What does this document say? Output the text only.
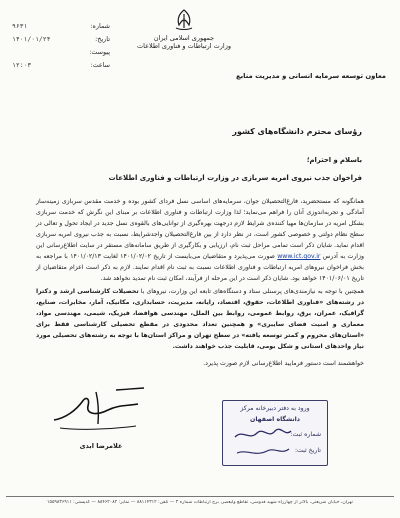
جمهوری اسلامی ایران
وزارت ارتباطات و فناوری اطلاعات
معاون توسعه سرمایه انسانی و مدیریت منابع
شماره:
۹۶۳۱
تاریخ:
۱۴۰۱/۰۱/۲۴
پیوست:
ساعت:
۱۲:۰۳
رؤسای محترم دانشگاه‌های کشور
باسلام و احترام؛
فراخوان جذب نیروی امریه سربازی در وزارت ارتباطات و فناوری اطلاعات

همانگونه که مستحضرید، فارغ‌التحصیلان جوان، سرمایه‌های اساسی نسل فردای کشور بوده و خدمت مقدس سربازی زمینه‌ساز آمادگی و تجربه‌اندوزی آنان را فراهم می‌نماید؛ لذا وزارت ارتباطات و فناوری اطلاعات بر مبنای این نگرش که خدمت سربازی بشکل امریه در سازمان‌ها مهیا کننده‌ی شرایط لازم درجهت بهره‌گیری از توانایی‌های بالقوه‌ی نسل جدید در ایجاد تحول و تعالی در سطح نظام دولتی و خصوصی کشور است، در نظر دارد از بین فارغ‌التحصیلان واجدشرایط، نسبت به جذب نیروی امریه سربازی اقدام نماید. شایان ذکر است تمامی مراحل ثبت نام، ارزیابی و بکارگیری از طریق سامانه‌های مستقر در سایت اطلاع‌رسانی این وزارت به آدرس www.ict.gov.ir صورت می‌پذیرد و متقاضیان می‌بایست از تاریخ ۱۴۰۱/۰۲/۰۲ لغایت ۱۴۰۱/۰۲/۱۳ با مراجعه به بخش فراخوان نیروهای امریه ارتباطات و فناوری اطلاعات نسبت به ثبت نام اقدام نمایند. لازم به ذکر است اعزام متقاضیان از تاریخ ۱۴۰۱/۰۶/۰۱ خواهد بود. شایان ذکر است در این مرحله از فرآیند، امکان ثبت نام تمدید نخواهد شد.

همچنین با توجه به نیازمندی‌های پرسنلی ستاد و دستگاه‌های تابعه این وزارت، نیروهای با تحصیلات کارشناسی ارشد و دکترا در رشته‌های «فناوری اطلاعات، حقوق، اقتصاد، رایانه، مدیریت، حسابداری، مکانیک، آمار، مخابرات، صنایع، گرافیک، عمران، برق، روابط عمومی، روابط بین الملل، مهندسی هوافضا، فیزیک، شیمی، مهندسی مواد، معماری و امنیت فضای سایبری» و همچنین تعداد محدودی در مقطع تحصیلی کارشناسی فقط برای «استان‌های محروم و کمتر توسعه یافته» در سطح تهران و مراکز استان‌ها با توجه به رشته‌های تحصیلی مورد نیاز واحدهای استانی و شکل بومی، قابلیت جذب خواهند داشت.

خواهشمند است دستور فرمایید اطلاع‌رسانی لازم صورت پذیرد.
غلامرضا ابدی
ورود به دفتر دبیرخانه مرکز
دانشگاه اصفهان
شماره ثبت:
تاریخ ثبت:
تهران، خیابان شریعتی، بالاتر از چهارراه شهید قدوسی، تقاطع ولیعصر، برج ارتباطات شماره ۳ — تلفن: ۸۸۱۱۴۳۱۲ — نمابر: ۸۸۴۶۲۰۸۲ — کدپستی: ۱۵۵۹۸۳۶۹۱۱
